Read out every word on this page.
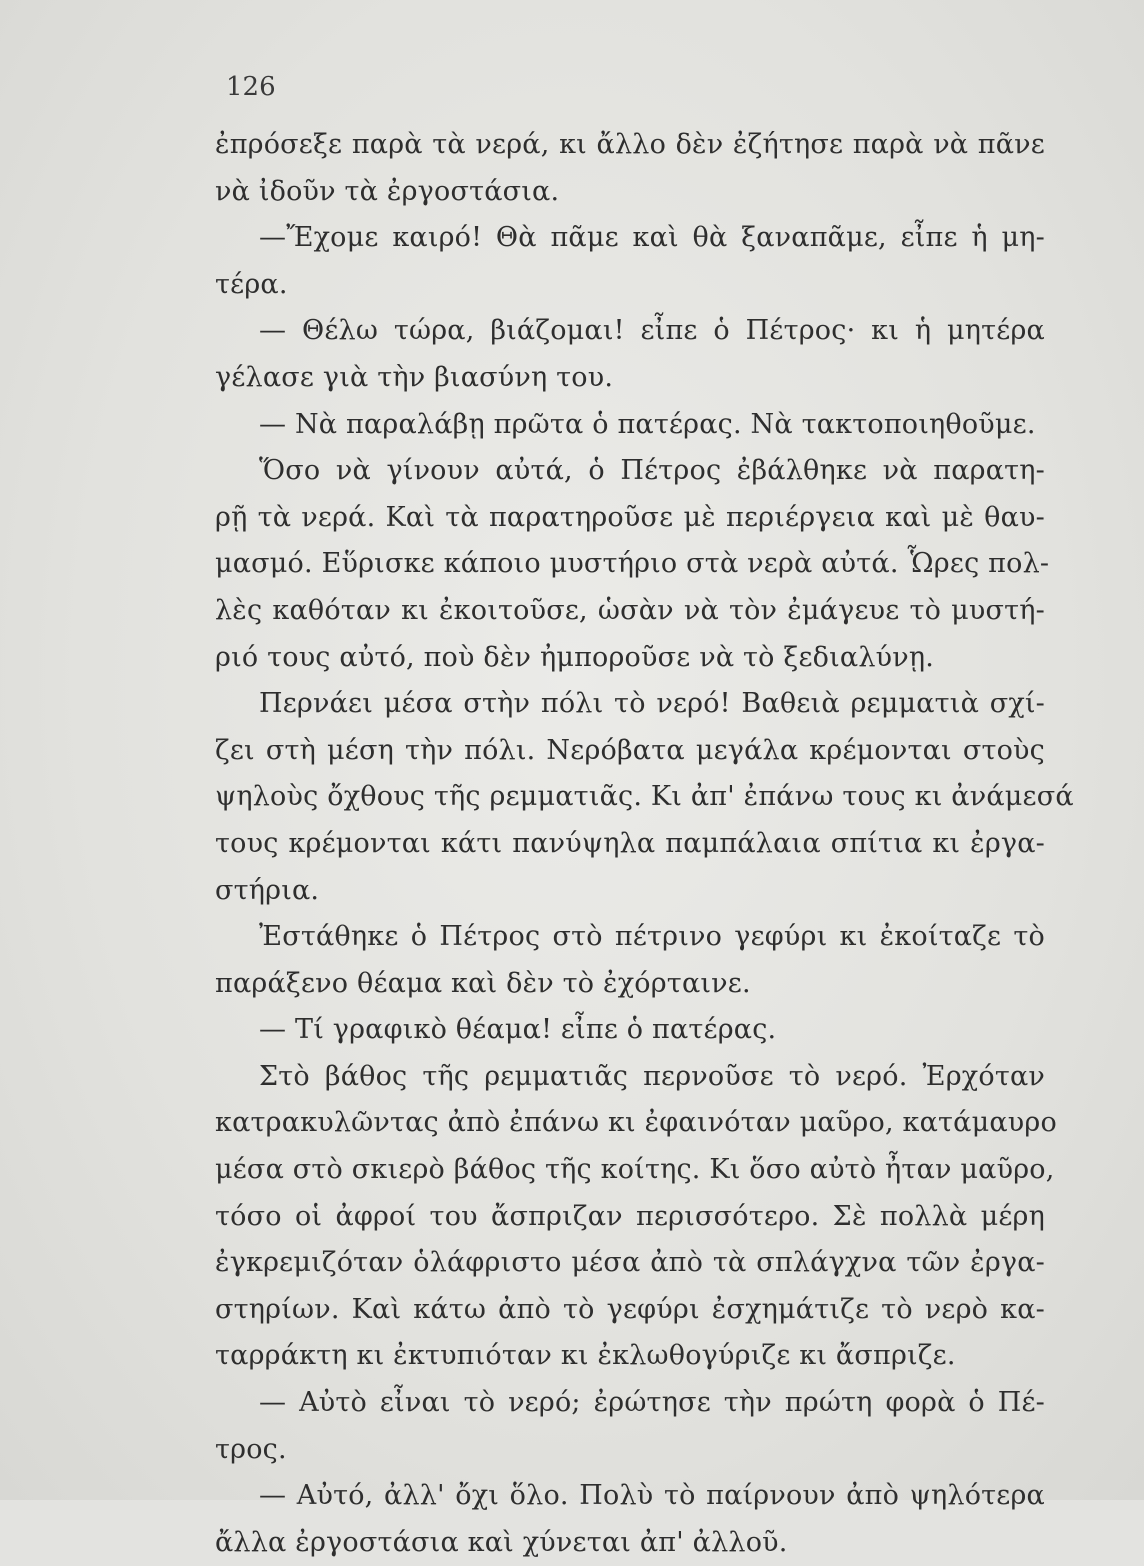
126
ἐπρόσεξε παρὰ τὰ νερά, κι ἄλλο δὲν ἐζήτησε παρὰ νὰ πᾶνε
νὰ ἰδοῦν τὰ ἐργοστάσια.
—Ἔχομε καιρό! Θὰ πᾶμε καὶ θὰ ξαναπᾶμε, εἶπε ἡ μη-
τέρα.
— Θέλω τώρα, βιάζομαι! εἶπε ὁ Πέτρος· κι ἡ μητέρα
γέλασε γιὰ τὴν βιασύνη του.
— Νὰ παραλάβῃ πρῶτα ὁ πατέρας. Νὰ τακτοποιηθοῦμε.
Ὅσο νὰ γίνουν αὐτά, ὁ Πέτρος ἐβάλθηκε νὰ παρατη-
ρῇ τὰ νερά. Καὶ τὰ παρατηροῦσε μὲ περιέργεια καὶ μὲ θαυ-
μασμό. Εὕρισκε κάποιο μυστήριο στὰ νερὰ αὐτά. Ὧρες πολ-
λὲς καθόταν κι ἐκοιτοῦσε, ὡσὰν νὰ τὸν ἐμάγευε τὸ μυστή-
ριό τους αὐτό, ποὺ δὲν ἠμποροῦσε νὰ τὸ ξεδιαλύνῃ.
Περνάει μέσα στὴν πόλι τὸ νερό! Βαθειὰ ρεμματιὰ σχί-
ζει στὴ μέση τὴν πόλι. Νερόβατα μεγάλα κρέμονται στοὺς
ψηλοὺς ὄχθους τῆς ρεμματιᾶς. Κι ἀπ' ἐπάνω τους κι ἀνάμεσά
τους κρέμονται κάτι πανύψηλα παμπάλαια σπίτια κι ἐργα-
στήρια.
Ἐστάθηκε ὁ Πέτρος στὸ πέτρινο γεφύρι κι ἐκοίταζε τὸ
παράξενο θέαμα καὶ δὲν τὸ ἐχόρταινε.
— Τί γραφικὸ θέαμα! εἶπε ὁ πατέρας.
Στὸ βάθος τῆς ρεμματιᾶς περνοῦσε τὸ νερό. Ἐρχόταν
κατρακυλῶντας ἀπὸ ἐπάνω κι ἐφαινόταν μαῦρο, κατάμαυρο
μέσα στὸ σκιερὸ βάθος τῆς κοίτης. Κι ὅσο αὐτὸ ἦταν μαῦρο,
τόσο οἱ ἀφροί του ἄσπριζαν περισσότερο. Σὲ πολλὰ μέρη
ἐγκρεμιζόταν ὁλάφριστο μέσα ἀπὸ τὰ σπλάγχνα τῶν ἐργα-
στηρίων. Καὶ κάτω ἀπὸ τὸ γεφύρι ἐσχημάτιζε τὸ νερὸ κα-
ταρράκτη κι ἐκτυπιόταν κι ἐκλωθογύριζε κι ἄσπριζε.
— Αὐτὸ εἶναι τὸ νερό; ἐρώτησε τὴν πρώτη φορὰ ὁ Πέ-
τρος.
— Αὐτό, ἀλλ' ὄχι ὅλο. Πολὺ τὸ παίρνουν ἀπὸ ψηλότερα
ἄλλα ἐργοστάσια καὶ χύνεται ἀπ' ἀλλοῦ.
